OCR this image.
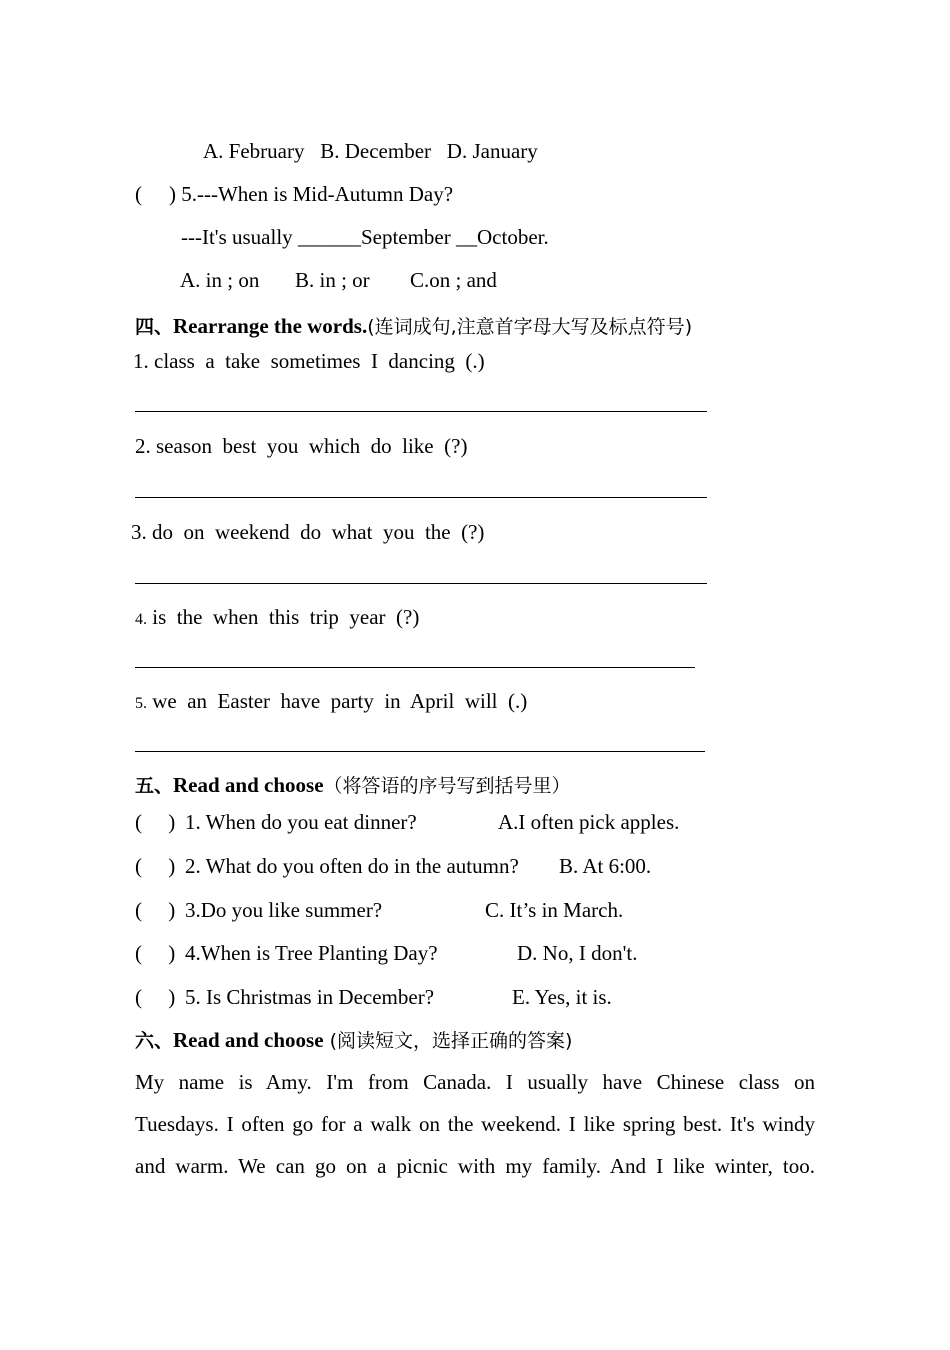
A. February B. December D. January
( ) 5.---When is Mid-Autumn Day?
---It's usually ______September __October.
A. in ; on B. in ; or C.on ; and
四、Rearrange the words.(连词成句,注意首字母大写及标点符号)
1. class  a  take  sometimes  I  dancing  (.)
2. season  best  you  which  do  like  (?)
3. do  on  weekend  do  what  you  the  (?)
4. is  the  when  this  trip  year  (?)
5. we  an  Easter  have  party  in  April  will  (.)
五、Read and choose（将答语的序号写到括号里）
(     ) 1. When do you eat dinner?	A.I often pick apples.
(     ) 2. What do you often do in the autumn? B. At 6:00.
(     ) 3.Do you like summer?	C. It’s in March.
(     ) 4.When is Tree Planting Day?	D. No, I don't.
(     ) 5. Is Christmas in December?	E. Yes, it is.
六、Read and choose (阅读短文，选择正确的答案)
My name is Amy. I'm from Canada. I usually have Chinese class on
Tuesdays. I often go for a walk on the weekend. I like spring best. It's windy
and warm. We can go on a picnic with my family. And I like winter, too.
